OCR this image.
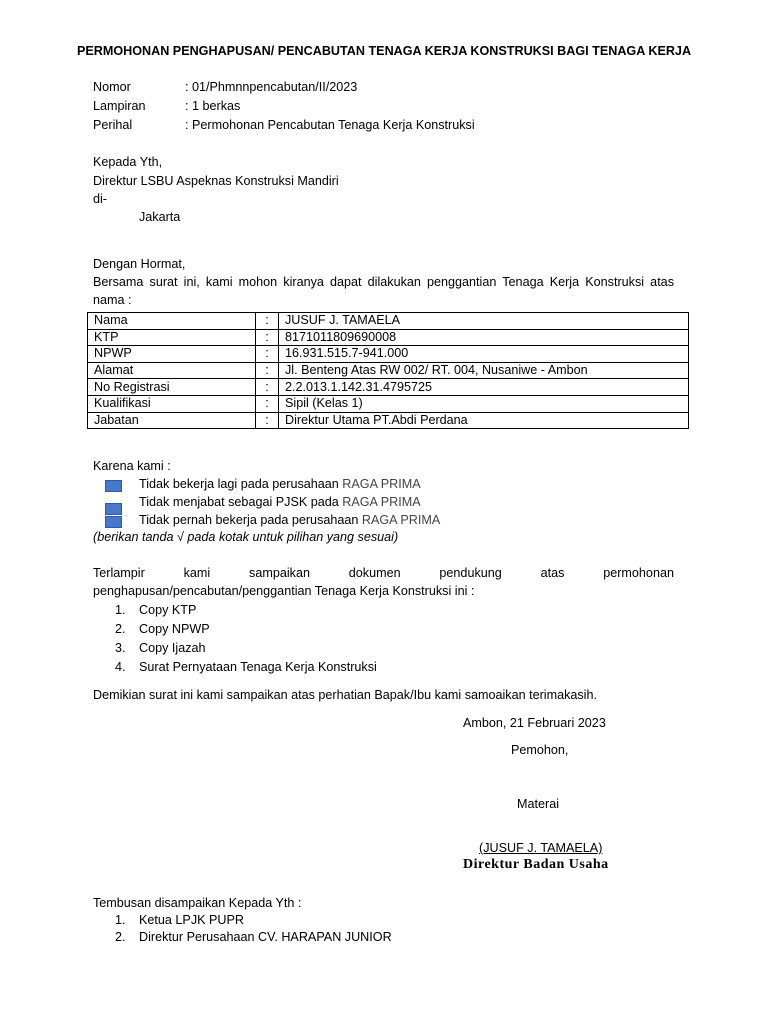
PERMOHONAN PENGHAPUSAN/ PENCABUTAN TENAGA KERJA KONSTRUKSI BAGI TENAGA KERJA
Nomor	: 01/Phmnnpencabutan/II/2023
Lampiran	: 1 berkas
Perihal	: Permohonan Pencabutan Tenaga Kerja Konstruksi
Kepada Yth,
Direktur LSBU Aspeknas Konstruksi Mandiri
di-
Jakarta
Dengan Hormat,
Bersama surat ini, kami mohon kiranya dapat dilakukan penggantian Tenaga Kerja Konstruksi atas
nama :
Nama	:	JUSUF J. TAMAELA
KTP	:	8171011809690008
NPWP	:	16.931.515.7-941.000
Alamat	:	Jl. Benteng Atas RW 002/ RT. 004, Nusaniwe - Ambon
No Registrasi	:	2.2.013.1.142.31.4795725
Kualifikasi	:	Sipil (Kelas 1)
Jabatan	:	Direktur Utama PT.Abdi Perdana
Karena kami :
Tidak bekerja lagi pada perusahaan RAGA PRIMA
Tidak menjabat sebagai PJSK pada RAGA PRIMA
Tidak pernah bekerja pada perusahaan RAGA PRIMA
(berikan tanda √ pada kotak untuk pilihan yang sesuai)
Terlampir	kami	sampaikan	dokumen	pendukung	atas	permohonan
penghapusan/pencabutan/penggantian Tenaga Kerja Konstruksi ini :
1. Copy KTP
2. Copy NPWP
3. Copy Ijazah
4. Surat Pernyataan Tenaga Kerja Konstruksi
Demikian surat ini kami sampaikan atas perhatian Bapak/Ibu kami samoaikan terimakasih.
Ambon, 21 Februari 2023
Pemohon,
Materai
(JUSUF J. TAMAELA)
Direktur Badan Usaha
Tembusan disampaikan Kepada Yth :
1. Ketua LPJK PUPR
2. Direktur Perusahaan CV. HARAPAN JUNIOR
